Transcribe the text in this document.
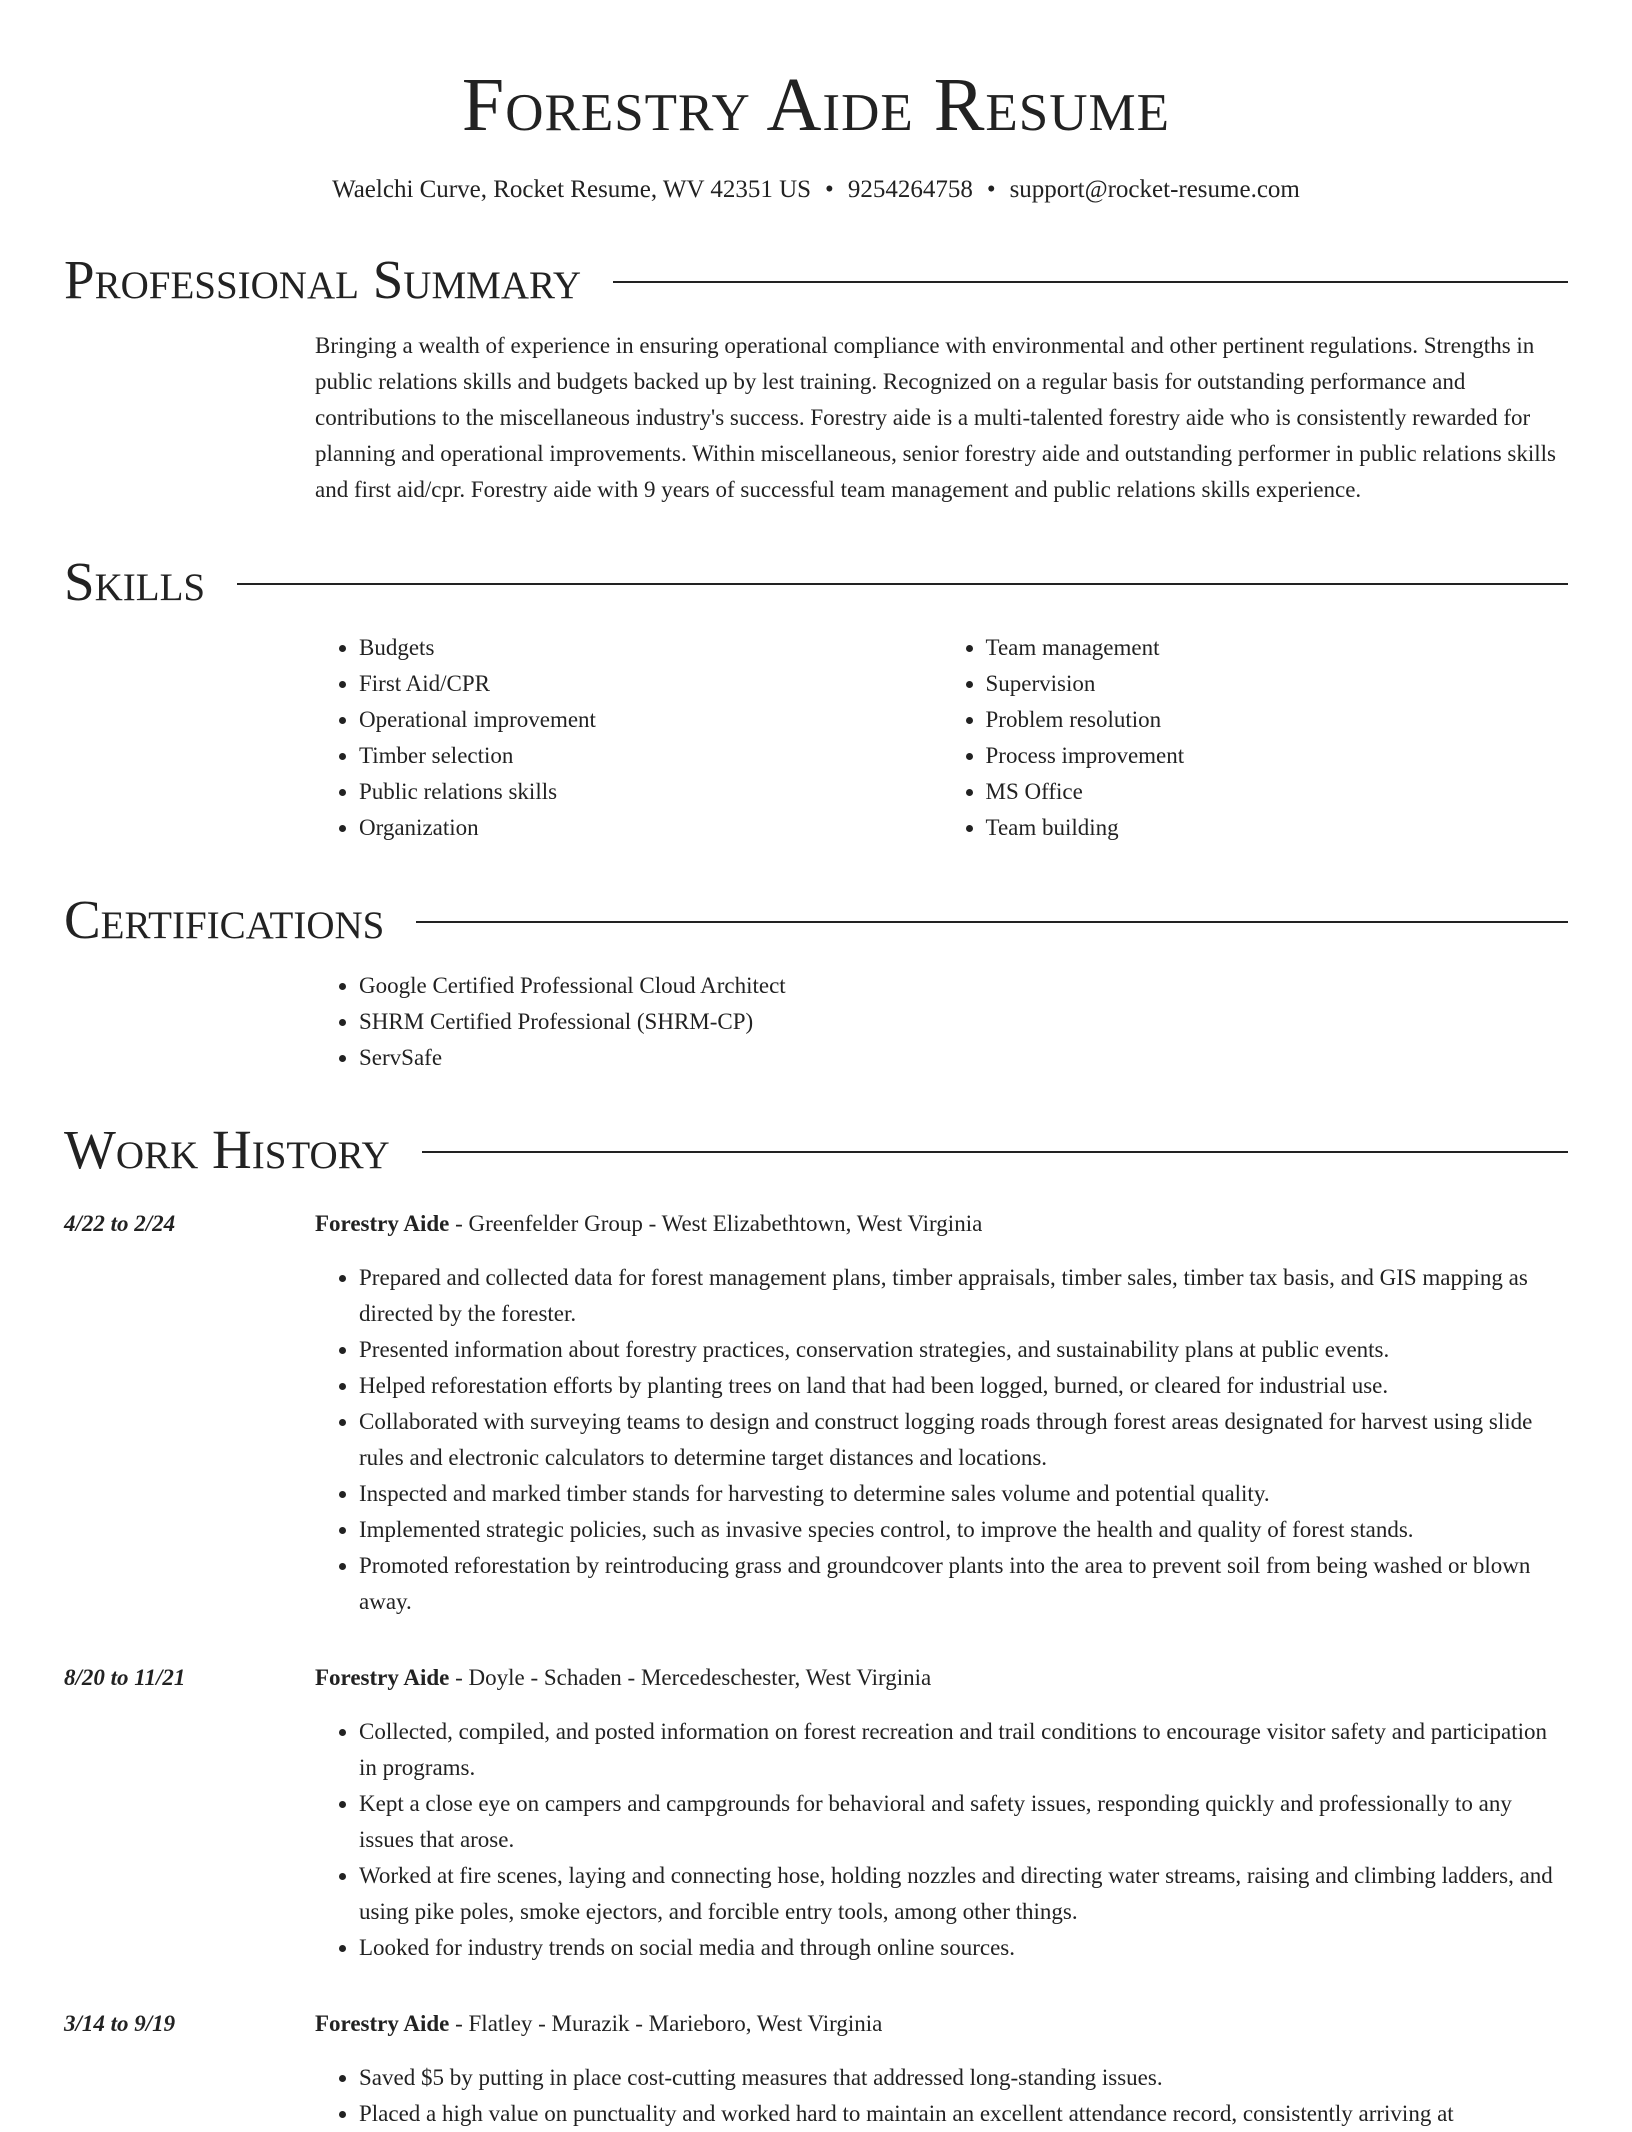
Forestry Aide Resume
Waelchi Curve, Rocket Resume, WV 42351 US • 9254264758 • support@rocket-resume.com
Professional Summary
Bringing a wealth of experience in ensuring operational compliance with environmental and other pertinent regulations. Strengths in public relations skills and budgets backed up by lest training. Recognized on a regular basis for outstanding performance and contributions to the miscellaneous industry's success. Forestry aide is a multi-talented forestry aide who is consistently rewarded for planning and operational improvements. Within miscellaneous, senior forestry aide and outstanding performer in public relations skills and first aid/cpr. Forestry aide with 9 years of successful team management and public relations skills experience.
Skills
• Budgets
• First Aid/CPR
• Operational improvement
• Timber selection
• Public relations skills
• Organization
• Team management
• Supervision
• Problem resolution
• Process improvement
• MS Office
• Team building
Certifications
• Google Certified Professional Cloud Architect
• SHRM Certified Professional (SHRM-CP)
• ServSafe
Work History
4/22 to 2/24	Forestry Aide - Greenfelder Group - West Elizabethtown, West Virginia
• Prepared and collected data for forest management plans, timber appraisals, timber sales, timber tax basis, and GIS mapping as directed by the forester.
• Presented information about forestry practices, conservation strategies, and sustainability plans at public events.
• Helped reforestation efforts by planting trees on land that had been logged, burned, or cleared for industrial use.
• Collaborated with surveying teams to design and construct logging roads through forest areas designated for harvest using slide rules and electronic calculators to determine target distances and locations.
• Inspected and marked timber stands for harvesting to determine sales volume and potential quality.
• Implemented strategic policies, such as invasive species control, to improve the health and quality of forest stands.
• Promoted reforestation by reintroducing grass and groundcover plants into the area to prevent soil from being washed or blown away.
8/20 to 11/21	Forestry Aide - Doyle - Schaden - Mercedeschester, West Virginia
• Collected, compiled, and posted information on forest recreation and trail conditions to encourage visitor safety and participation in programs.
• Kept a close eye on campers and campgrounds for behavioral and safety issues, responding quickly and professionally to any issues that arose.
• Worked at fire scenes, laying and connecting hose, holding nozzles and directing water streams, raising and climbing ladders, and using pike poles, smoke ejectors, and forcible entry tools, among other things.
• Looked for industry trends on social media and through online sources.
3/14 to 9/19	Forestry Aide - Flatley - Murazik - Marieboro, West Virginia
• Saved $5 by putting in place cost-cutting measures that addressed long-standing issues.
• Placed a high value on punctuality and worked hard to maintain an excellent attendance record, consistently arriving at
